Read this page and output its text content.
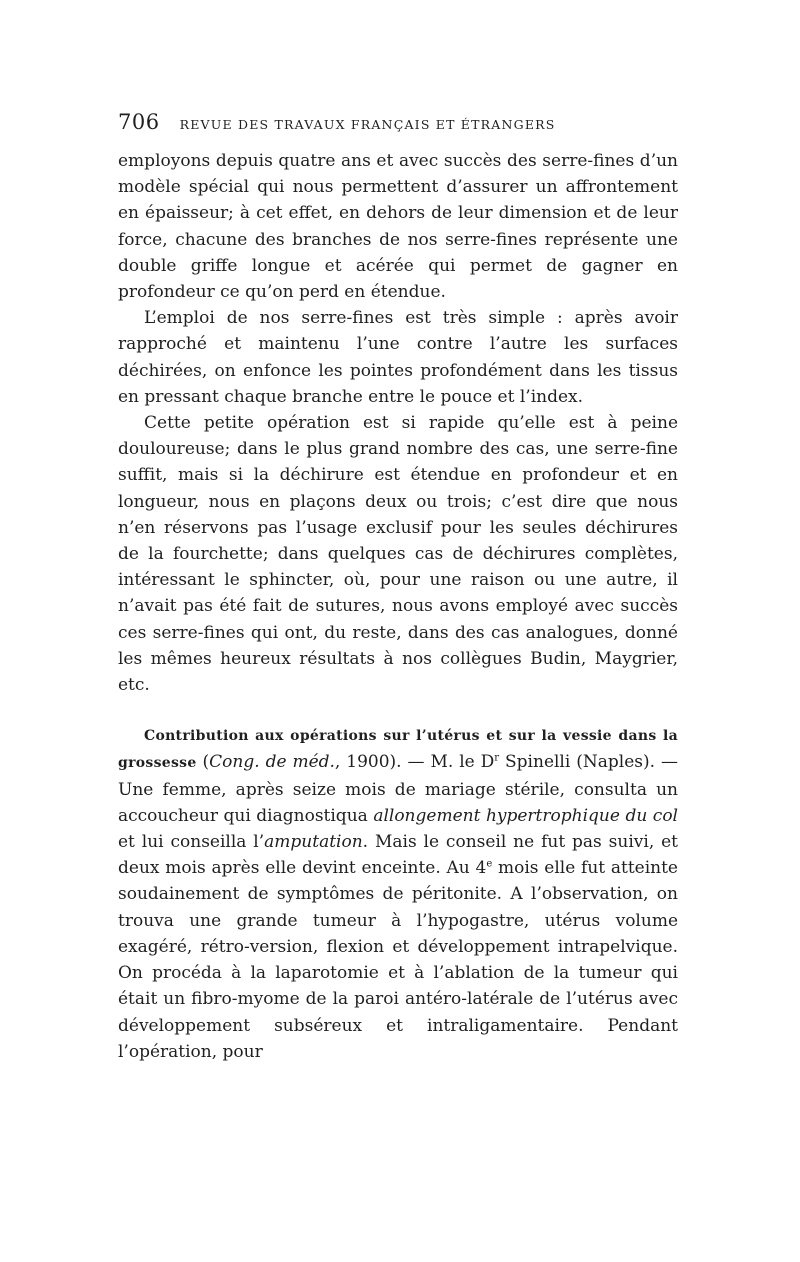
706 REVUE DES TRAVAUX FRANÇAIS ET ÉTRANGERS

employons depuis quatre ans et avec succès des serre-fines d’un modèle spécial qui nous permettent d’assurer un affrontement en épaisseur; à cet effet, en dehors de leur dimension et de leur force, chacune des branches de nos serre-fines représente une double griffe longue et acérée qui permet de gagner en profondeur ce qu’on perd en étendue.

L’emploi de nos serre-fines est très simple : après avoir rapproché et maintenu l’une contre l’autre les surfaces déchirées, on enfonce les pointes profondément dans les tissus en pressant chaque branche entre le pouce et l’index.

Cette petite opération est si rapide qu’elle est à peine douloureuse; dans le plus grand nombre des cas, une serre-fine suffit, mais si la déchirure est étendue en profondeur et en longueur, nous en plaçons deux ou trois; c’est dire que nous n’en réservons pas l’usage exclusif pour les seules déchirures de la fourchette; dans quelques cas de déchirures complètes, intéressant le sphincter, où, pour une raison ou une autre, il n’avait pas été fait de sutures, nous avons employé avec succès ces serre-fines qui ont, du reste, dans des cas analogues, donné les mêmes heureux résultats à nos collègues Budin, Maygrier, etc.

Contribution aux opérations sur l’utérus et sur la vessie dans la grossesse (Cong. de méd., 1900). — M. le $D^r$ Spinelli (Naples). — Une femme, après seize mois de mariage stérile, consulta un accoucheur qui diagnostiqua allongement hypertrophique du col et lui conseilla l’amputation. Mais le conseil ne fut pas suivi, et deux mois après elle devint enceinte. Au 4e mois elle fut atteinte soudainement de symptômes de péritonite. A l’observation, on trouva une grande tumeur à l’hypogastre, utérus volume exagéré, rétro-version, flexion et développement intrapelvique. On procéda à la laparotomie et à l’ablation de la tumeur qui était un fibro-myome de la paroi antéro-latérale de l’utérus avec développement subséreux et intraligamentaire. Pendant l’opération, pour
